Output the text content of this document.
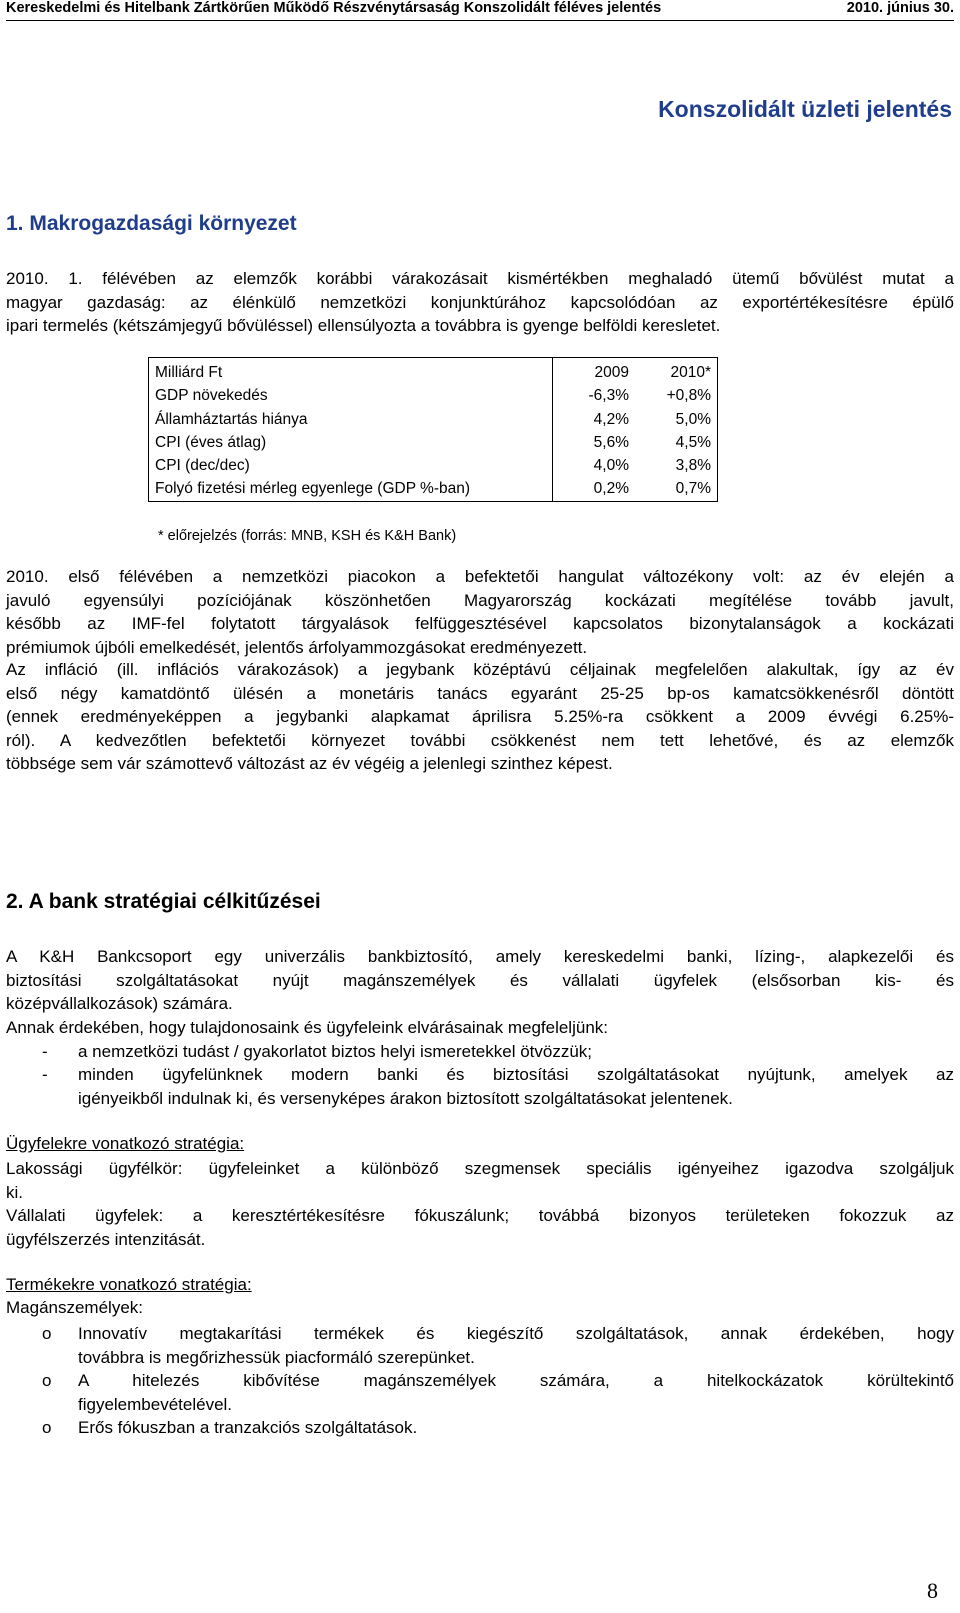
Kereskedelmi és Hitelbank Zártkörűen Működő Részvénytársaság Konszolidált féléves jelentés	2010. június 30.
Konszolidált üzleti jelentés
1. Makrogazdasági környezet
2010. 1. félévében az elemzők korábbi várakozásait kismértékben meghaladó ütemű bővülést mutat a
magyar gazdaság: az élénkülő nemzetközi konjunktúrához kapcsolódóan az exportértékesítésre épülő
ipari termelés (kétszámjegyű bővüléssel) ellensúlyozta a továbbra is gyenge belföldi keresletet.
Milliárd Ft	2009	2010*
GDP növekedés	-6,3%	+0,8%
Államháztartás hiánya	4,2%	5,0%
CPI (éves átlag)	5,6%	4,5%
CPI (dec/dec)	4,0%	3,8%
Folyó fizetési mérleg egyenlege (GDP %-ban)	0,2%	0,7%

* előrejelzés (forrás: MNB, KSH és K&H Bank)

2010. első félévében a nemzetközi piacokon a befektetői hangulat változékony volt: az év elején a
javuló egyensúlyi pozíciójának köszönhetően Magyarország kockázati megítélése tovább javult,
később az IMF-fel folytatott tárgyalások felfüggesztésével kapcsolatos bizonytalanságok a kockázati
prémiumok újbóli emelkedését, jelentős árfolyammozgásokat eredményezett.
Az infláció (ill. inflációs várakozások) a jegybank középtávú céljainak megfelelően alakultak, így az év
első négy kamatdöntő ülésén a monetáris tanács egyaránt 25-25 bp-os kamatcsökkenésről döntött
(ennek eredményeképpen a jegybanki alapkamat áprilisra 5.25%-ra csökkent a 2009 évvégi 6.25%-
ról). A kedvezőtlen befektetői környezet további csökkenést nem tett lehetővé, és az elemzők
többsége sem vár számottevő változást az év végéig a jelenlegi szinthez képest.
2. A bank stratégiai célkitűzései
A K&H Bankcsoport egy univerzális bankbiztosító, amely kereskedelmi banki, lízing-, alapkezelői és
biztosítási szolgáltatásokat nyújt magánszemélyek és vállalati ügyfelek (elsősorban kis- és
középvállalkozások) számára.
Annak érdekében, hogy tulajdonosaink és ügyfeleink elvárásainak megfeleljünk:
- a nemzetközi tudást / gyakorlatot biztos helyi ismeretekkel ötvözzük;
- minden ügyfelünknek modern banki és biztosítási szolgáltatásokat nyújtunk, amelyek az
igényeikből indulnak ki, és versenyképes árakon biztosított szolgáltatásokat jelentenek.
Ügyfelekre vonatkozó stratégia:
Lakossági ügyfélkör: ügyfeleinket a különböző szegmensek speciális igényeihez igazodva szolgáljuk
ki.
Vállalati ügyfelek: a keresztértékesítésre fókuszálunk; továbbá bizonyos területeken fokozzuk az
ügyfélszerzés intenzitását.
Termékekre vonatkozó stratégia:
Magánszemélyek:
o Innovatív megtakarítási termékek és kiegészítő szolgáltatások, annak érdekében, hogy
továbbra is megőrizhessük piacformáló szerepünket.
o A hitelezés kibővítése magánszemélyek számára, a hitelkockázatok körültekintő
figyelembevételével.
o Erős fókuszban a tranzakciós szolgáltatások.
8
